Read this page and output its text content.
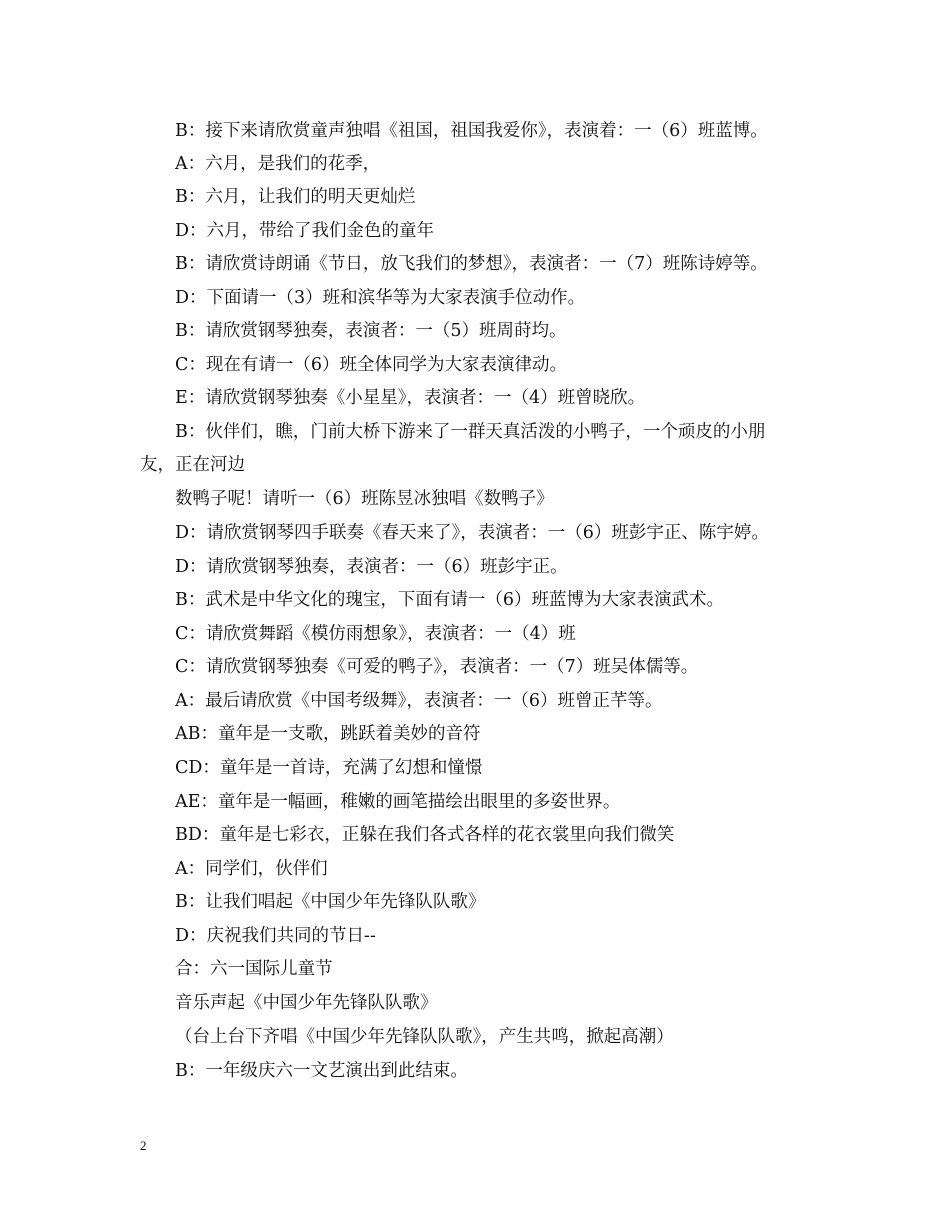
B：接下来请欣赏童声独唱《祖国，祖国我爱你》，表演着：一（6）班蓝博。
A：六月，是我们的花季，
B：六月，让我们的明天更灿烂
D：六月，带给了我们金色的童年
B：请欣赏诗朗诵《节日，放飞我们的梦想》，表演者：一（7）班陈诗婷等。
D：下面请一（3）班和滨华等为大家表演手位动作。
B：请欣赏钢琴独奏，表演者：一（5）班周莳均。
C：现在有请一（6）班全体同学为大家表演律动。
E：请欣赏钢琴独奏《小星星》，表演者：一（4）班曾晓欣。
B：伙伴们，瞧，门前大桥下游来了一群天真活泼的小鸭子，一个顽皮的小朋
友，正在河边
数鸭子呢！请听一（6）班陈昱冰独唱《数鸭子》
D：请欣赏钢琴四手联奏《春天来了》，表演者：一（6）班彭宇正、陈宇婷。
D：请欣赏钢琴独奏，表演者：一（6）班彭宇正。
B：武术是中华文化的瑰宝，下面有请一（6）班蓝博为大家表演武术。
C：请欣赏舞蹈《模仿雨想象》，表演者：一（4）班
C：请欣赏钢琴独奏《可爱的鸭子》，表演者：一（7）班吴体儒等。
A：最后请欣赏《中国考级舞》，表演者：一（6）班曾正芊等。
AB：童年是一支歌，跳跃着美妙的音符
CD：童年是一首诗，充满了幻想和憧憬
AE：童年是一幅画，稚嫩的画笔描绘出眼里的多姿世界。
BD：童年是七彩衣，正躲在我们各式各样的花衣裳里向我们微笑
A：同学们，伙伴们
B：让我们唱起《中国少年先锋队队歌》
D：庆祝我们共同的节日--
合：六一国际儿童节
音乐声起《中国少年先锋队队歌》
（台上台下齐唱《中国少年先锋队队歌》，产生共鸣，掀起高潮）
B：一年级庆六一文艺演出到此结束。
2
